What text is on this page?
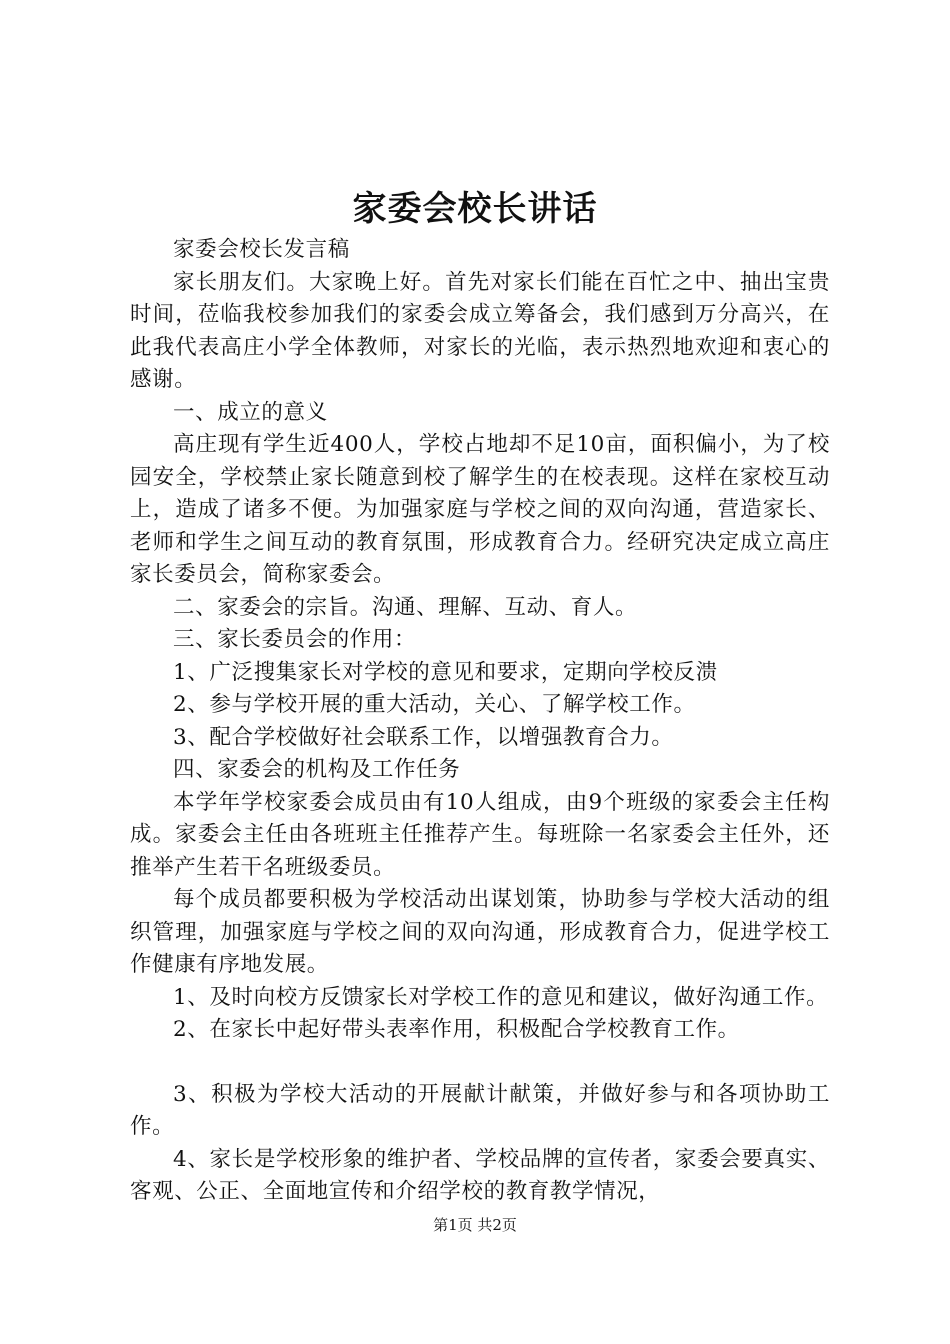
家委会校长讲话

家委会校长发言稿

家长朋友们。大家晚上好。首先对家长们能在百忙之中、抽出宝贵时间，莅临我校参加我们的家委会成立筹备会，我们感到万分高兴，在此我代表高庄小学全体教师，对家长的光临，表示热烈地欢迎和衷心的感谢。

一、成立的意义

高庄现有学生近400人，学校占地却不足10亩，面积偏小，为了校园安全，学校禁止家长随意到校了解学生的在校表现。这样在家校互动上，造成了诸多不便。为加强家庭与学校之间的双向沟通，营造家长、老师和学生之间互动的教育氛围，形成教育合力。经研究决定成立高庄家长委员会，简称家委会。

二、家委会的宗旨。沟通、理解、互动、育人。

三、家长委员会的作用：

1、广泛搜集家长对学校的意见和要求，定期向学校反溃

2、参与学校开展的重大活动，关心、了解学校工作。

3、配合学校做好社会联系工作，以增强教育合力。

四、家委会的机构及工作任务

本学年学校家委会成员由有10人组成，由9个班级的家委会主任构成。家委会主任由各班班主任推荐产生。每班除一名家委会主任外，还推举产生若干名班级委员。

每个成员都要积极为学校活动出谋划策，协助参与学校大活动的组织管理，加强家庭与学校之间的双向沟通，形成教育合力，促进学校工作健康有序地发展。

1、及时向校方反馈家长对学校工作的意见和建议，做好沟通工作。

2、在家长中起好带头表率作用，积极配合学校教育工作。

3、积极为学校大活动的开展献计献策，并做好参与和各项协助工作。

4、家长是学校形象的维护者、学校品牌的宣传者，家委会要真实、客观、公正、全面地宣传和介绍学校的教育教学情况，

第1页 共2页
